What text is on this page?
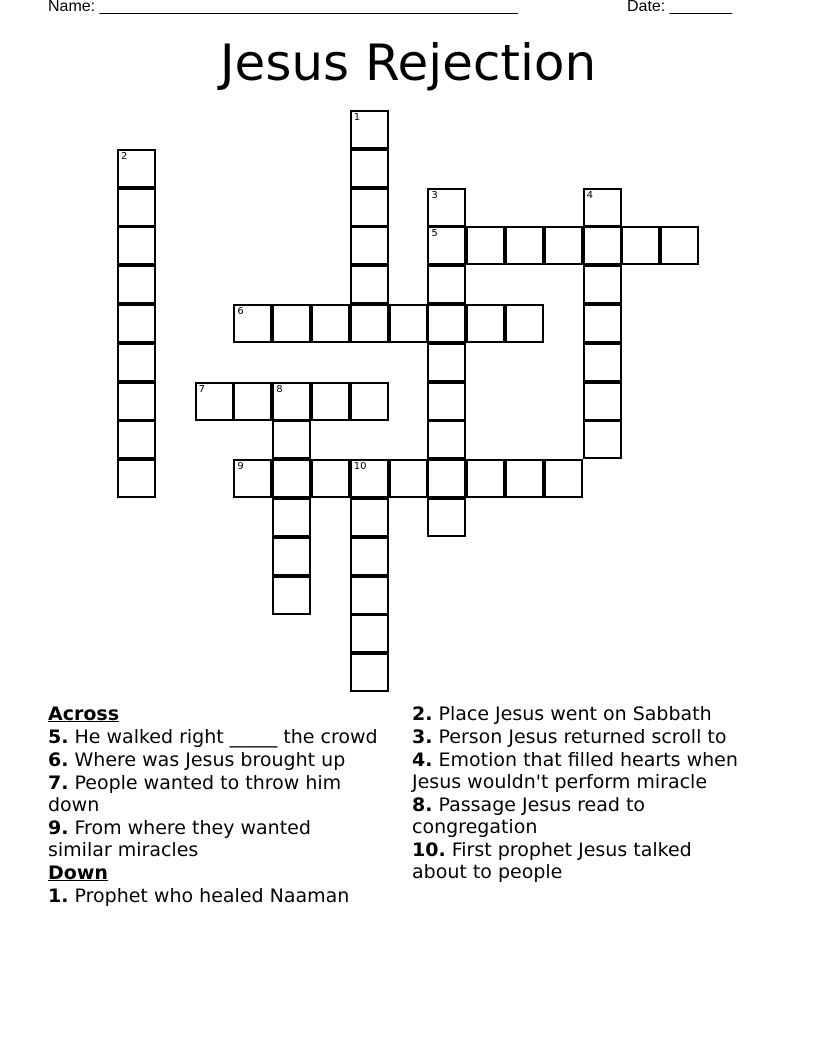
Name: _______________________________________________	Date: _______
Jesus Rejection
1
2
3
5
4
6
7	8
9	10
Across
5. He walked right _____ the crowd
6. Where was Jesus brought up
7. People wanted to throw him down
9. From where they wanted similar miracles
Down
1. Prophet who healed Naaman
2. Place Jesus went on Sabbath
3. Person Jesus returned scroll to
4. Emotion that filled hearts when Jesus wouldn't perform miracle
8. Passage Jesus read to congregation
10. First prophet Jesus talked about to people
